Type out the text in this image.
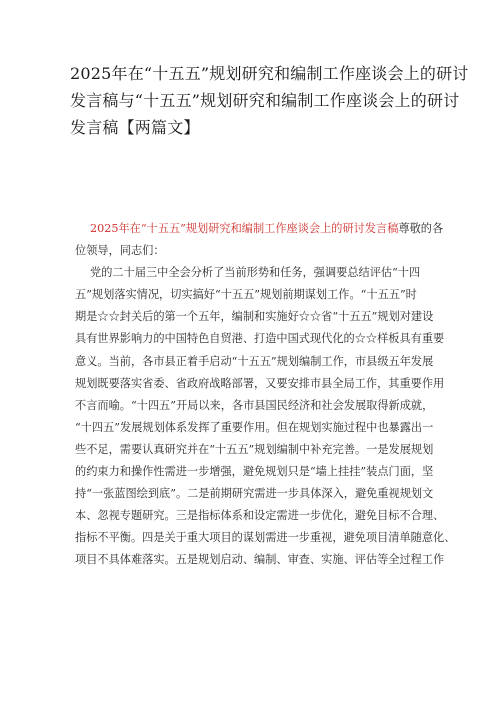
2025年在“十五五”规划研究和编制工作座谈会上的研讨
发言稿与“十五五”规划研究和编制工作座谈会上的研讨
发言稿【两篇文】
2025年在“十五五”规划研究和编制工作座谈会上的研讨发言稿尊敬的各
位领导，同志们：
党的二十届三中全会分析了当前形势和任务，强调要总结评估“十四
五”规划落实情况，切实搞好“十五五”规划前期谋划工作。“十五五”时
期是☆☆封关后的第一个五年，编制和实施好☆☆省“十五五”规划对建设
具有世界影响力的中国特色自贸港、打造中国式现代化的☆☆样板具有重要
意义。当前，各市县正着手启动“十五五”规划编制工作，市县级五年发展
规划既要落实省委、省政府战略部署，又要安排市县全局工作，其重要作用
不言而喻。“十四五”开局以来，各市县国民经济和社会发展取得新成就，
“十四五”发展规划体系发挥了重要作用。但在规划实施过程中也暴露出一
些不足，需要认真研究并在“十五五”规划编制中补充完善。一是发展规划
的约束力和操作性需进一步增强，避免规划只是“墙上挂挂”装点门面，坚
持“一张蓝图绘到底”。二是前期研究需进一步具体深入，避免重视规划文
本、忽视专题研究。三是指标体系和设定需进一步优化，避免目标不合理、
指标不平衡。四是关于重大项目的谋划需进一步重视，避免项目清单随意化、
项目不具体难落实。五是规划启动、编制、审查、实施、评估等全过程工作
